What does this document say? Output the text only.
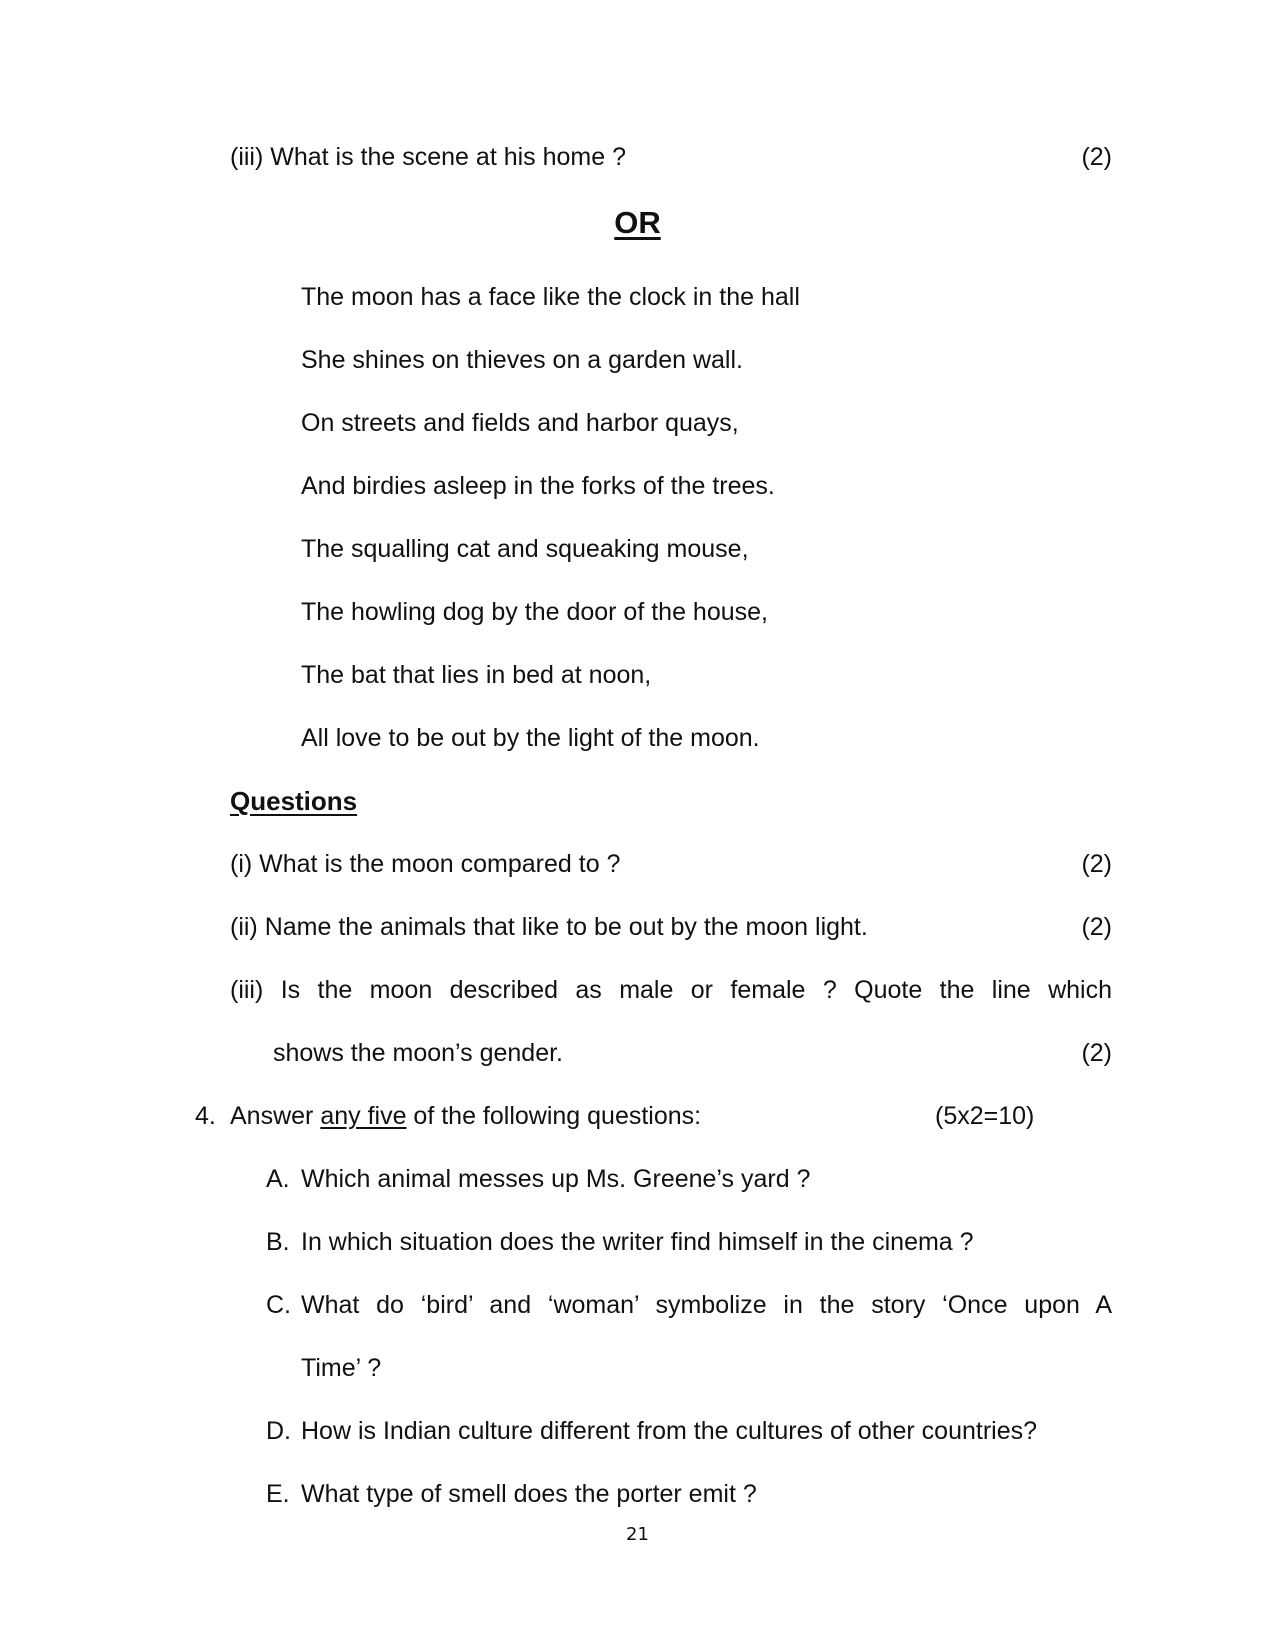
(iii) What is the scene at his home ?	(2)
OR
The moon has a face like the clock in the hall
She shines on thieves on a garden wall.
On streets and fields and harbor quays,
And birdies asleep in the forks of the trees.
The squalling cat and squeaking mouse,
The howling dog by the door of the house,
The bat that lies in bed at noon,
All love to be out by the light of the moon.
Questions
(i) What is the moon compared to ?	(2)
(ii) Name the animals that like to be out by the moon light.	(2)
(iii) Is the moon described as male or female ? Quote the line which
shows the moon’s gender.	(2)
4. Answer any five of the following questions:	(5x2=10)
A. Which animal messes up Ms. Greene’s yard ?
B. In which situation does the writer find himself in the cinema ?
C. What do ‘bird’ and ‘woman’ symbolize in the story ‘Once upon A
Time’ ?
D. How is Indian culture different from the cultures of other countries?
E. What type of smell does the porter emit ?
21
